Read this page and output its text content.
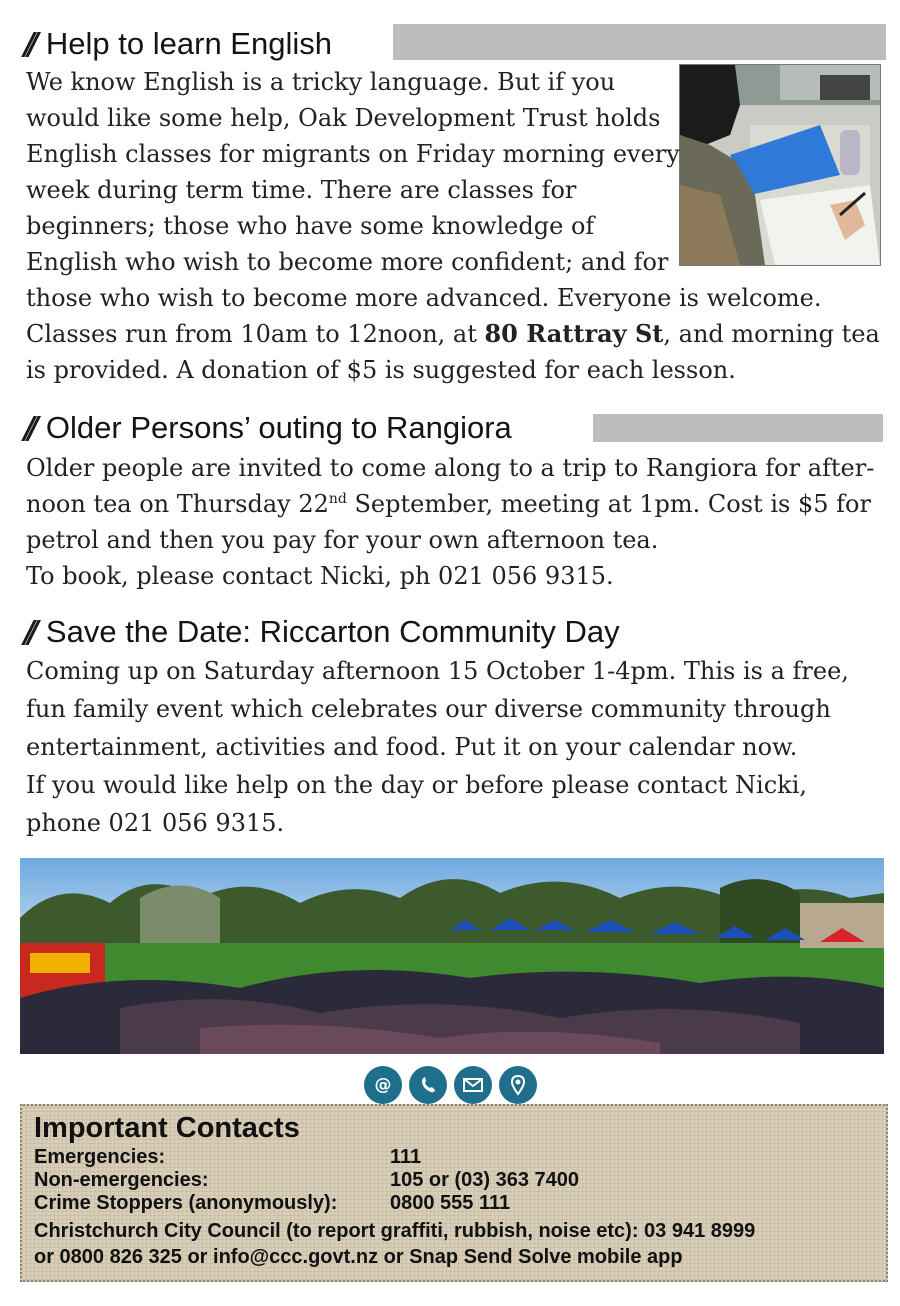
// Help to learn English
We know English is a tricky language. But if you
would like some help, Oak Development Trust holds
English classes for migrants on Friday morning every
week during term time. There are classes for
beginners; those who have some knowledge of
English who wish to become more confident; and for
those who wish to become more advanced. Everyone is welcome.
Classes run from 10am to 12noon, at 80 Rattray St, and morning tea
is provided. A donation of $5 is suggested for each lesson.
// Older Persons’ outing to Rangiora
Older people are invited to come along to a trip to Rangiora for after-
noon tea on Thursday 22nd September, meeting at 1pm. Cost is $5 for
petrol and then you pay for your own afternoon tea.
To book, please contact Nicki, ph 021 056 9315.
// Save the Date: Riccarton Community Day
Coming up on Saturday afternoon 15 October 1-4pm. This is a free,
fun family event which celebrates our diverse community through
entertainment, activities and food. Put it on your calendar now.
If you would like help on the day or before please contact Nicki,
phone 021 056 9315.
@
Important Contacts
Emergencies:	111
Non-emergencies:	105 or (03) 363 7400
Crime Stoppers (anonymously):	0800 555 111
Christchurch City Council (to report graffiti, rubbish, noise etc): 03 941 8999
or 0800 826 325 or info@ccc.govt.nz or Snap Send Solve mobile app
